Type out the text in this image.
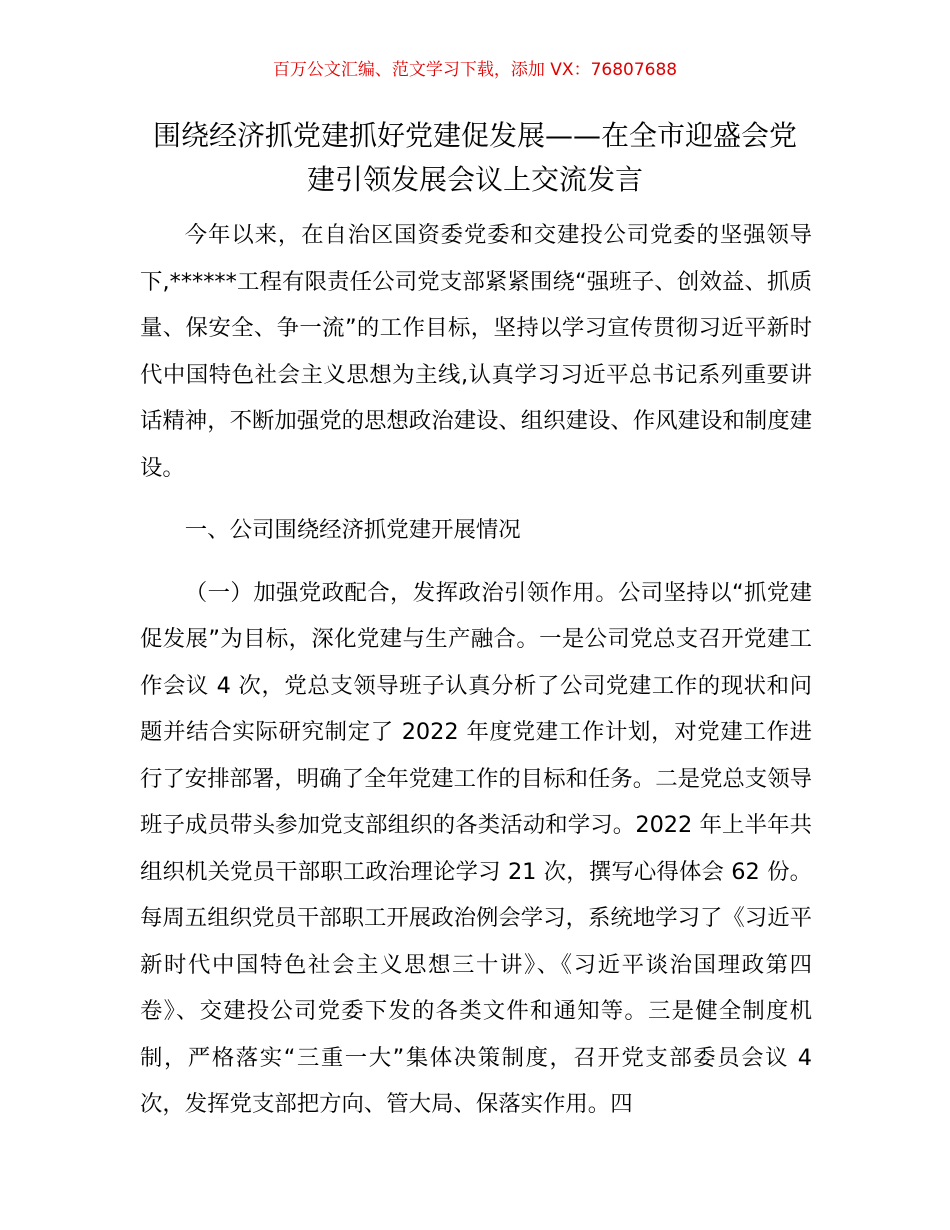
百万公文汇编、范文学习下载，添加 VX：76807688
围绕经济抓党建抓好党建促发展——在全市迎盛会党建引领发展会议上交流发言

今年以来，在自治区国资委党委和交建投公司党委的坚强领导下,******工程有限责任公司党支部紧紧围绕“强班子、创效益、抓质量、保安全、争一流”的工作目标，坚持以学习宣传贯彻习近平新时代中国特色社会主义思想为主线,认真学习习近平总书记系列重要讲话精神，不断加强党的思想政治建设、组织建设、作风建设和制度建设。

一、公司围绕经济抓党建开展情况

（一）加强党政配合，发挥政治引领作用。公司坚持以“抓党建促发展”为目标，深化党建与生产融合。一是公司党总支召开党建工作会议 4 次，党总支领导班子认真分析了公司党建工作的现状和问题并结合实际研究制定了 2022 年度党建工作计划，对党建工作进行了安排部署，明确了全年党建工作的目标和任务。二是党总支领导班子成员带头参加党支部组织的各类活动和学习。2022 年上半年共组织机关党员干部职工政治理论学习 21 次，撰写心得体会 62 份。每周五组织党员干部职工开展政治例会学习，系统地学习了《习近平新时代中国特色社会主义思想三十讲》、《习近平谈治国理政第四卷》、交建投公司党委下发的各类文件和通知等。三是健全制度机制，严格落实“三重一大”集体决策制度，召开党支部委员会议 4 次，发挥党支部把方向、管大局、保落实作用。四
